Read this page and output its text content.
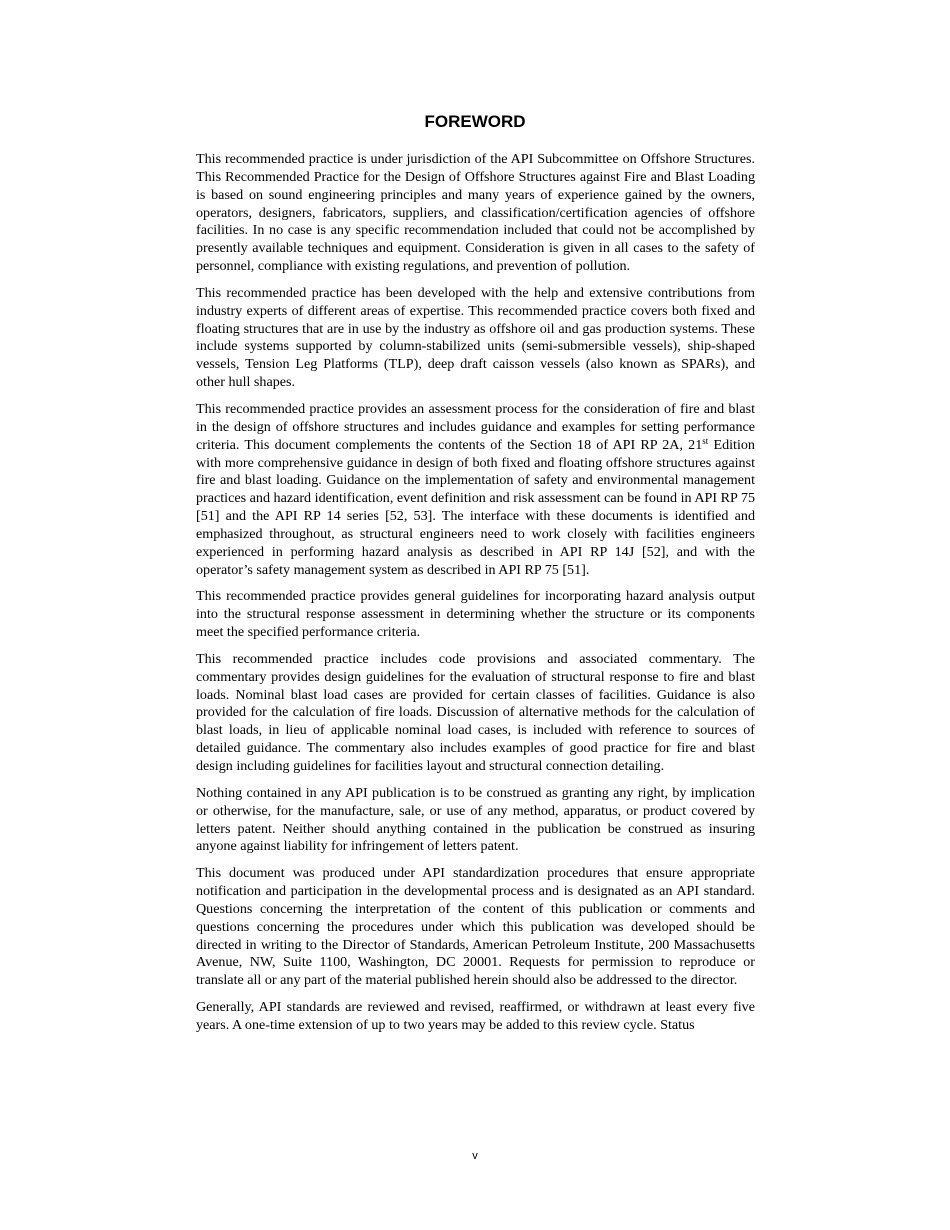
FOREWORD

This recommended practice is under jurisdiction of the API Subcommittee on Offshore Structures. This Recommended Practice for the Design of Offshore Structures against Fire and Blast Loading is based on sound engineering principles and many years of experience gained by the owners, operators, designers, fabricators, suppliers, and classification/certification agencies of offshore facilities. In no case is any specific recommendation included that could not be accomplished by presently available techniques and equipment. Consideration is given in all cases to the safety of personnel, compliance with existing regulations, and prevention of pollution.

This recommended practice has been developed with the help and extensive contributions from industry experts of different areas of expertise. This recommended practice covers both fixed and floating structures that are in use by the industry as offshore oil and gas production systems. These include systems supported by column-stabilized units (semi-submersible vessels), ship-shaped vessels, Tension Leg Platforms (TLP), deep draft caisson vessels (also known as SPARs), and other hull shapes.

This recommended practice provides an assessment process for the consideration of fire and blast in the design of offshore structures and includes guidance and examples for setting performance criteria. This document complements the contents of the Section 18 of API RP 2A, 21st Edition with more comprehensive guidance in design of both fixed and floating offshore structures against fire and blast loading. Guidance on the implementation of safety and environmental management practices and hazard identification, event definition and risk assessment can be found in API RP 75 [51] and the API RP 14 series [52, 53]. The interface with these documents is identified and emphasized throughout, as structural engineers need to work closely with facilities engineers experienced in performing hazard analysis as described in API RP 14J [52], and with the operator’s safety management system as described in API RP 75 [51].

This recommended practice provides general guidelines for incorporating hazard analysis output into the structural response assessment in determining whether the structure or its components meet the specified performance criteria.

This recommended practice includes code provisions and associated commentary. The commentary provides design guidelines for the evaluation of structural response to fire and blast loads. Nominal blast load cases are provided for certain classes of facilities. Guidance is also provided for the calculation of fire loads. Discussion of alternative methods for the calculation of blast loads, in lieu of applicable nominal load cases, is included with reference to sources of detailed guidance. The commentary also includes examples of good practice for fire and blast design including guidelines for facilities layout and structural connection detailing.

Nothing contained in any API publication is to be construed as granting any right, by implication or otherwise, for the manufacture, sale, or use of any method, apparatus, or product covered by letters patent. Neither should anything contained in the publication be construed as insuring anyone against liability for infringement of letters patent.

This document was produced under API standardization procedures that ensure appropriate notification and participation in the developmental process and is designated as an API standard. Questions concerning the interpretation of the content of this publication or comments and questions concerning the procedures under which this publication was developed should be directed in writing to the Director of Standards, American Petroleum Institute, 200 Massachusetts Avenue, NW, Suite 1100, Washington, DC 20001. Requests for permission to reproduce or translate all or any part of the material published herein should also be addressed to the director.

Generally, API standards are reviewed and revised, reaffirmed, or withdrawn at least every five years. A one-time extension of up to two years may be added to this review cycle. Status

v
